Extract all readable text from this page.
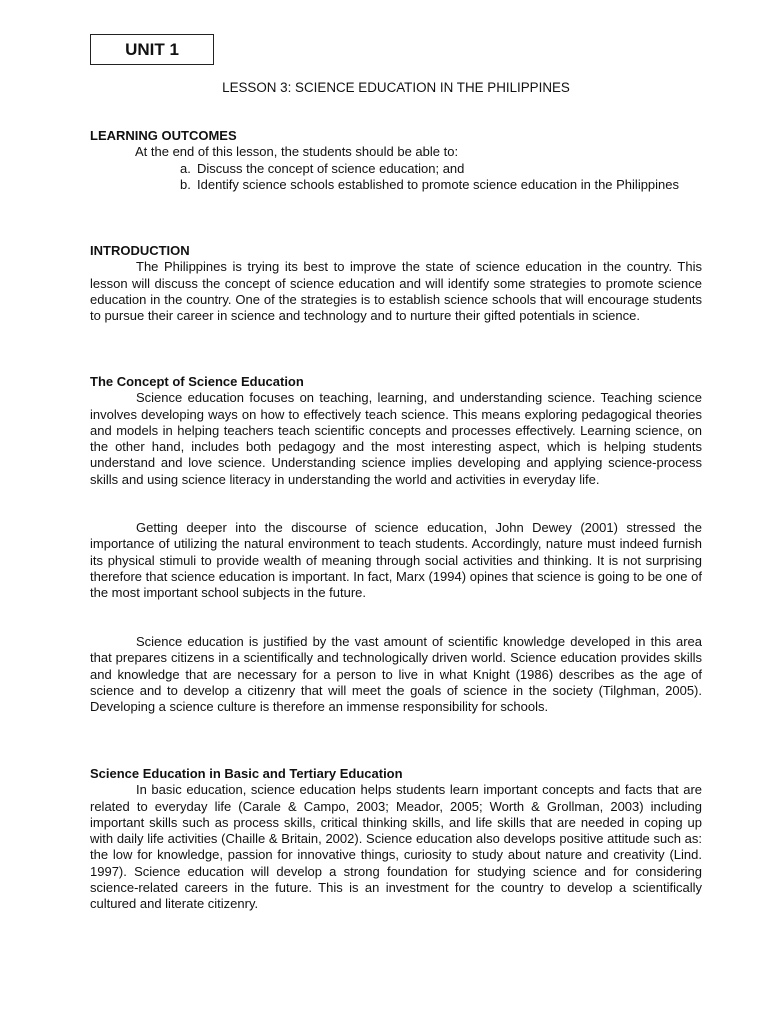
UNIT 1
LESSON 3: SCIENCE EDUCATION IN THE PHILIPPINES
LEARNING OUTCOMES
At the end of this lesson, the students should be able to:
a. Discuss the concept of science education; and
b. Identify science schools established to promote science education in the Philippines
INTRODUCTION

The Philippines is trying its best to improve the state of science education in the country. This lesson will discuss the concept of science education and will identify some strategies to promote science education in the country. One of the strategies is to establish science schools that will encourage students to pursue their career in science and technology and to nurture their gifted potentials in science.

The Concept of Science Education

Science education focuses on teaching, learning, and understanding science. Teaching science involves developing ways on how to effectively teach science. This means exploring pedagogical theories and models in helping teachers teach scientific concepts and processes effectively. Learning science, on the other hand, includes both pedagogy and the most interesting aspect, which is helping students understand and love science. Understanding science implies developing and applying science-process skills and using science literacy in understanding the world and activities in everyday life.

Getting deeper into the discourse of science education, John Dewey (2001) stressed the importance of utilizing the natural environment to teach students. Accordingly, nature must indeed furnish its physical stimuli to provide wealth of meaning through social activities and thinking. It is not surprising therefore that science education is important. In fact, Marx (1994) opines that science is going to be one of the most important school subjects in the future.

Science education is justified by the vast amount of scientific knowledge developed in this area that prepares citizens in a scientifically and technologically driven world. Science education provides skills and knowledge that are necessary for a person to live in what Knight (1986) describes as the age of science and to develop a citizenry that will meet the goals of science in the society (Tilghman, 2005). Developing a science culture is therefore an immense responsibility for schools.

Science Education in Basic and Tertiary Education

In basic education, science education helps students learn important concepts and facts that are related to everyday life (Carale & Campo, 2003; Meador, 2005; Worth & Grollman, 2003) including important skills such as process skills, critical thinking skills, and life skills that are needed in coping up with daily life activities (Chaille & Britain, 2002). Science education also develops positive attitude such as: the low for knowledge, passion for innovative things, curiosity to study about nature and creativity (Lind. 1997). Science education will develop a strong foundation for studying science and for considering science-related careers in the future. This is an investment for the country to develop a scientifically cultured and literate citizenry.
